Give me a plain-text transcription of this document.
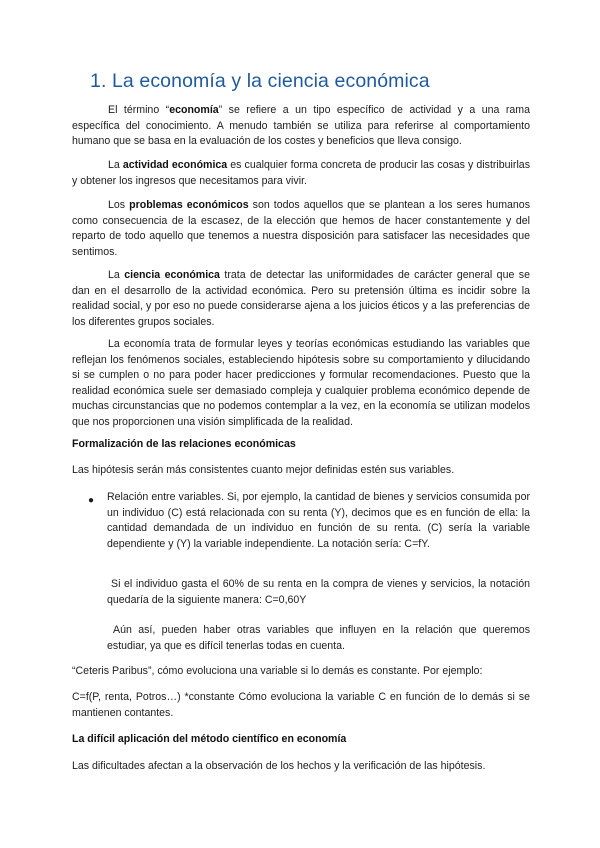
1. La economía y la ciencia económica

El término “economía” se refiere a un tipo específico de actividad y a una rama específica del conocimiento. A menudo también se utiliza para referirse al comportamiento humano que se basa en la evaluación de los costes y beneficios que lleva consigo.

La actividad económica es cualquier forma concreta de producir las cosas y distribuirlas y obtener los ingresos que necesitamos para vivir.

Los problemas económicos son todos aquellos que se plantean a los seres humanos como consecuencia de la escasez, de la elección que hemos de hacer constantemente y del reparto de todo aquello que tenemos a nuestra disposición para satisfacer las necesidades que sentimos.

La ciencia económica trata de detectar las uniformidades de carácter general que se dan en el desarrollo de la actividad económica. Pero su pretensión última es incidir sobre la realidad social, y por eso no puede considerarse ajena a los juicios éticos y a las preferencias de los diferentes grupos sociales.

La economía trata de formular leyes y teorías económicas estudiando las variables que reflejan los fenómenos sociales, estableciendo hipótesis sobre su comportamiento y dilucidando si se cumplen o no para poder hacer predicciones y formular recomendaciones. Puesto que la realidad económica suele ser demasiado compleja y cualquier problema económico depende de muchas circunstancias que no podemos contemplar a la vez, en la economía se utilizan modelos que nos proporcionen una visión simplificada de la realidad.

Formalización de las relaciones económicas

Las hipótesis serán más consistentes cuanto mejor definidas estén sus variables.

● Relación entre variables. Si, por ejemplo, la cantidad de bienes y servicios consumida por un individuo (C) está relacionada con su renta (Y), decimos que es en función de ella: la cantidad demandada de un individuo en función de su renta. (C) sería la variable dependiente y (Y) la variable independiente. La notación sería: C=fY.

Si el individuo gasta el 60% de su renta en la compra de vienes y servicios, la notación quedaría de la siguiente manera: C=0,60Y

Aún así, pueden haber otras variables que influyen en la relación que queremos estudiar, ya que es difícil tenerlas todas en cuenta.

“Ceteris Paribus”, cómo evoluciona una variable si lo demás es constante. Por ejemplo:

C=f(P, renta, Potros…) *constante Cómo evoluciona la variable C en función de lo demás si se mantienen contantes.

La difícil aplicación del método científico en economía

Las dificultades afectan a la observación de los hechos y la verificación de las hipótesis.
